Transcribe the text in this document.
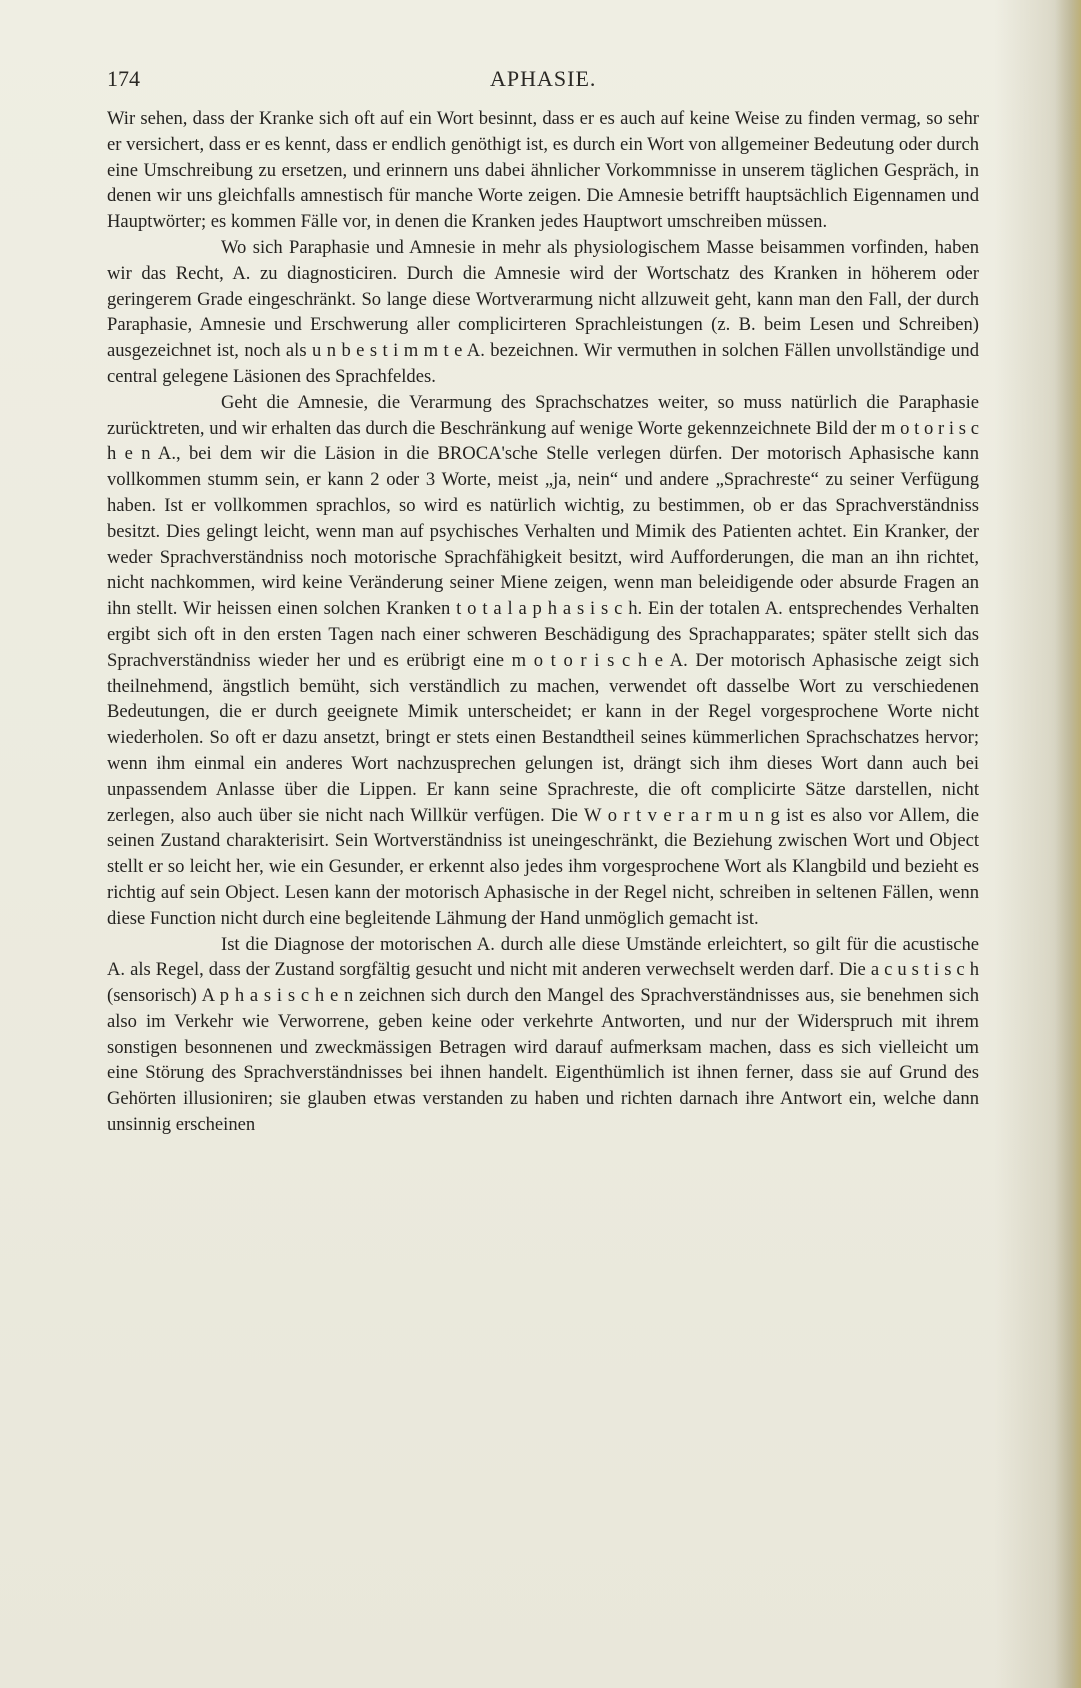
174	APHASIE.

Wir sehen, dass der Kranke sich oft auf ein Wort besinnt, dass er es auch auf keine Weise zu finden vermag, so sehr er versichert, dass er es kennt, dass er endlich genöthigt ist, es durch ein Wort von allgemeiner Bedeutung oder durch eine Umschreibung zu ersetzen, und erinnern uns dabei ähnlicher Vorkommnisse in unserem täglichen Gespräch, in denen wir uns gleichfalls amnestisch für manche Worte zeigen. Die Amnesie betrifft hauptsächlich Eigennamen und Hauptwörter; es kommen Fälle vor, in denen die Kranken jedes Hauptwort umschreiben müssen.

Wo sich Paraphasie und Amnesie in mehr als physiologischem Masse beisammen vorfinden, haben wir das Recht, A. zu diagnosticiren. Durch die Amnesie wird der Wortschatz des Kranken in höherem oder geringerem Grade eingeschränkt. So lange diese Wortverarmung nicht allzuweit geht, kann man den Fall, der durch Paraphasie, Amnesie und Erschwerung aller complicirteren Sprachleistungen (z. B. beim Lesen und Schreiben) ausgezeichnet ist, noch als u n b e s t i m m t e A. bezeichnen. Wir vermuthen in solchen Fällen unvollständige und central gelegene Läsionen des Sprachfeldes.

Geht die Amnesie, die Verarmung des Sprachschatzes weiter, so muss natürlich die Paraphasie zurücktreten, und wir erhalten das durch die Beschränkung auf wenige Worte gekennzeichnete Bild der m o t o r i s c h e n A., bei dem wir die Läsion in die BROCA'sche Stelle verlegen dürfen. Der motorisch Aphasische kann vollkommen stumm sein, er kann 2 oder 3 Worte, meist „ja, nein“ und andere „Sprachreste“ zu seiner Verfügung haben. Ist er vollkommen sprachlos, so wird es natürlich wichtig, zu bestimmen, ob er das Sprachverständniss besitzt. Dies gelingt leicht, wenn man auf psychisches Verhalten und Mimik des Patienten achtet. Ein Kranker, der weder Sprachverständniss noch motorische Sprachfähigkeit besitzt, wird Aufforderungen, die man an ihn richtet, nicht nachkommen, wird keine Veränderung seiner Miene zeigen, wenn man beleidigende oder absurde Fragen an ihn stellt. Wir heissen einen solchen Kranken t o t a l a p h a s i s c h. Ein der totalen A. entsprechendes Verhalten ergibt sich oft in den ersten Tagen nach einer schweren Beschädigung des Sprachapparates; später stellt sich das Sprachverständniss wieder her und es erübrigt eine m o t o r i s c h e A. Der motorisch Aphasische zeigt sich theilnehmend, ängstlich bemüht, sich verständlich zu machen, verwendet oft dasselbe Wort zu verschiedenen Bedeutungen, die er durch geeignete Mimik unterscheidet; er kann in der Regel vorgesprochene Worte nicht wiederholen. So oft er dazu ansetzt, bringt er stets einen Bestandtheil seines kümmerlichen Sprachschatzes hervor; wenn ihm einmal ein anderes Wort nachzusprechen gelungen ist, drängt sich ihm dieses Wort dann auch bei unpassendem Anlasse über die Lippen. Er kann seine Sprachreste, die oft complicirte Sätze darstellen, nicht zerlegen, also auch über sie nicht nach Willkür verfügen. Die W o r t v e r a r m u n g ist es also vor Allem, die seinen Zustand charakterisirt. Sein Wortverständniss ist uneingeschränkt, die Beziehung zwischen Wort und Object stellt er so leicht her, wie ein Gesunder, er erkennt also jedes ihm vorgesprochene Wort als Klangbild und bezieht es richtig auf sein Object. Lesen kann der motorisch Aphasische in der Regel nicht, schreiben in seltenen Fällen, wenn diese Function nicht durch eine begleitende Lähmung der Hand unmöglich gemacht ist.

Ist die Diagnose der motorischen A. durch alle diese Umstände erleichtert, so gilt für die acustische A. als Regel, dass der Zustand sorgfältig gesucht und nicht mit anderen verwechselt werden darf. Die a c u s t i s c h (sensorisch) A p h a s i s c h e n zeichnen sich durch den Mangel des Sprachverständnisses aus, sie benehmen sich also im Verkehr wie Verworrene, geben keine oder verkehrte Antworten, und nur der Widerspruch mit ihrem sonstigen besonnenen und zweckmässigen Betragen wird darauf aufmerksam machen, dass es sich vielleicht um eine Störung des Sprachverständnisses bei ihnen handelt. Eigenthümlich ist ihnen ferner, dass sie auf Grund des Gehörten illusioniren; sie glauben etwas verstanden zu haben und richten darnach ihre Antwort ein, welche dann unsinnig erscheinen
